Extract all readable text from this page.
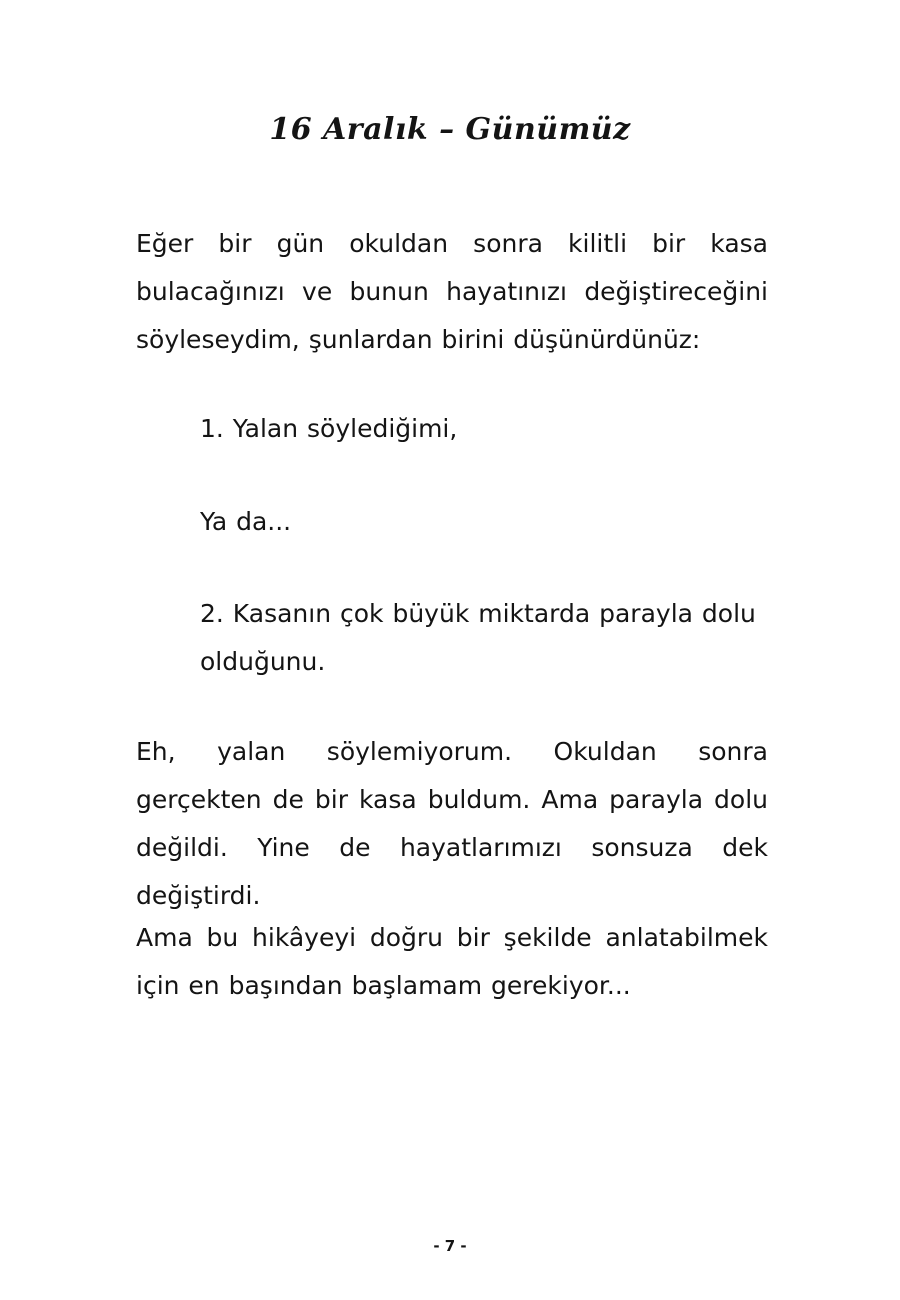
16 Aralık – Günümüz

Eğer bir gün okuldan sonra kilitli bir kasa bulacağınızı ve bunun hayatınızı değiştireceğini söyleseydim, şunlardan birini düşünürdünüz:

1. Yalan söylediğimi,

Ya da...

2. Kasanın çok büyük miktarda parayla dolu olduğunu.

Eh, yalan söylemiyorum. Okuldan sonra gerçekten de bir kasa buldum. Ama parayla dolu değildi. Yine de hayatlarımızı sonsuza dek değiştirdi.

Ama bu hikâyeyi doğru bir şekilde anlatabilmek için en başından başlamam gerekiyor...

- 7 -
